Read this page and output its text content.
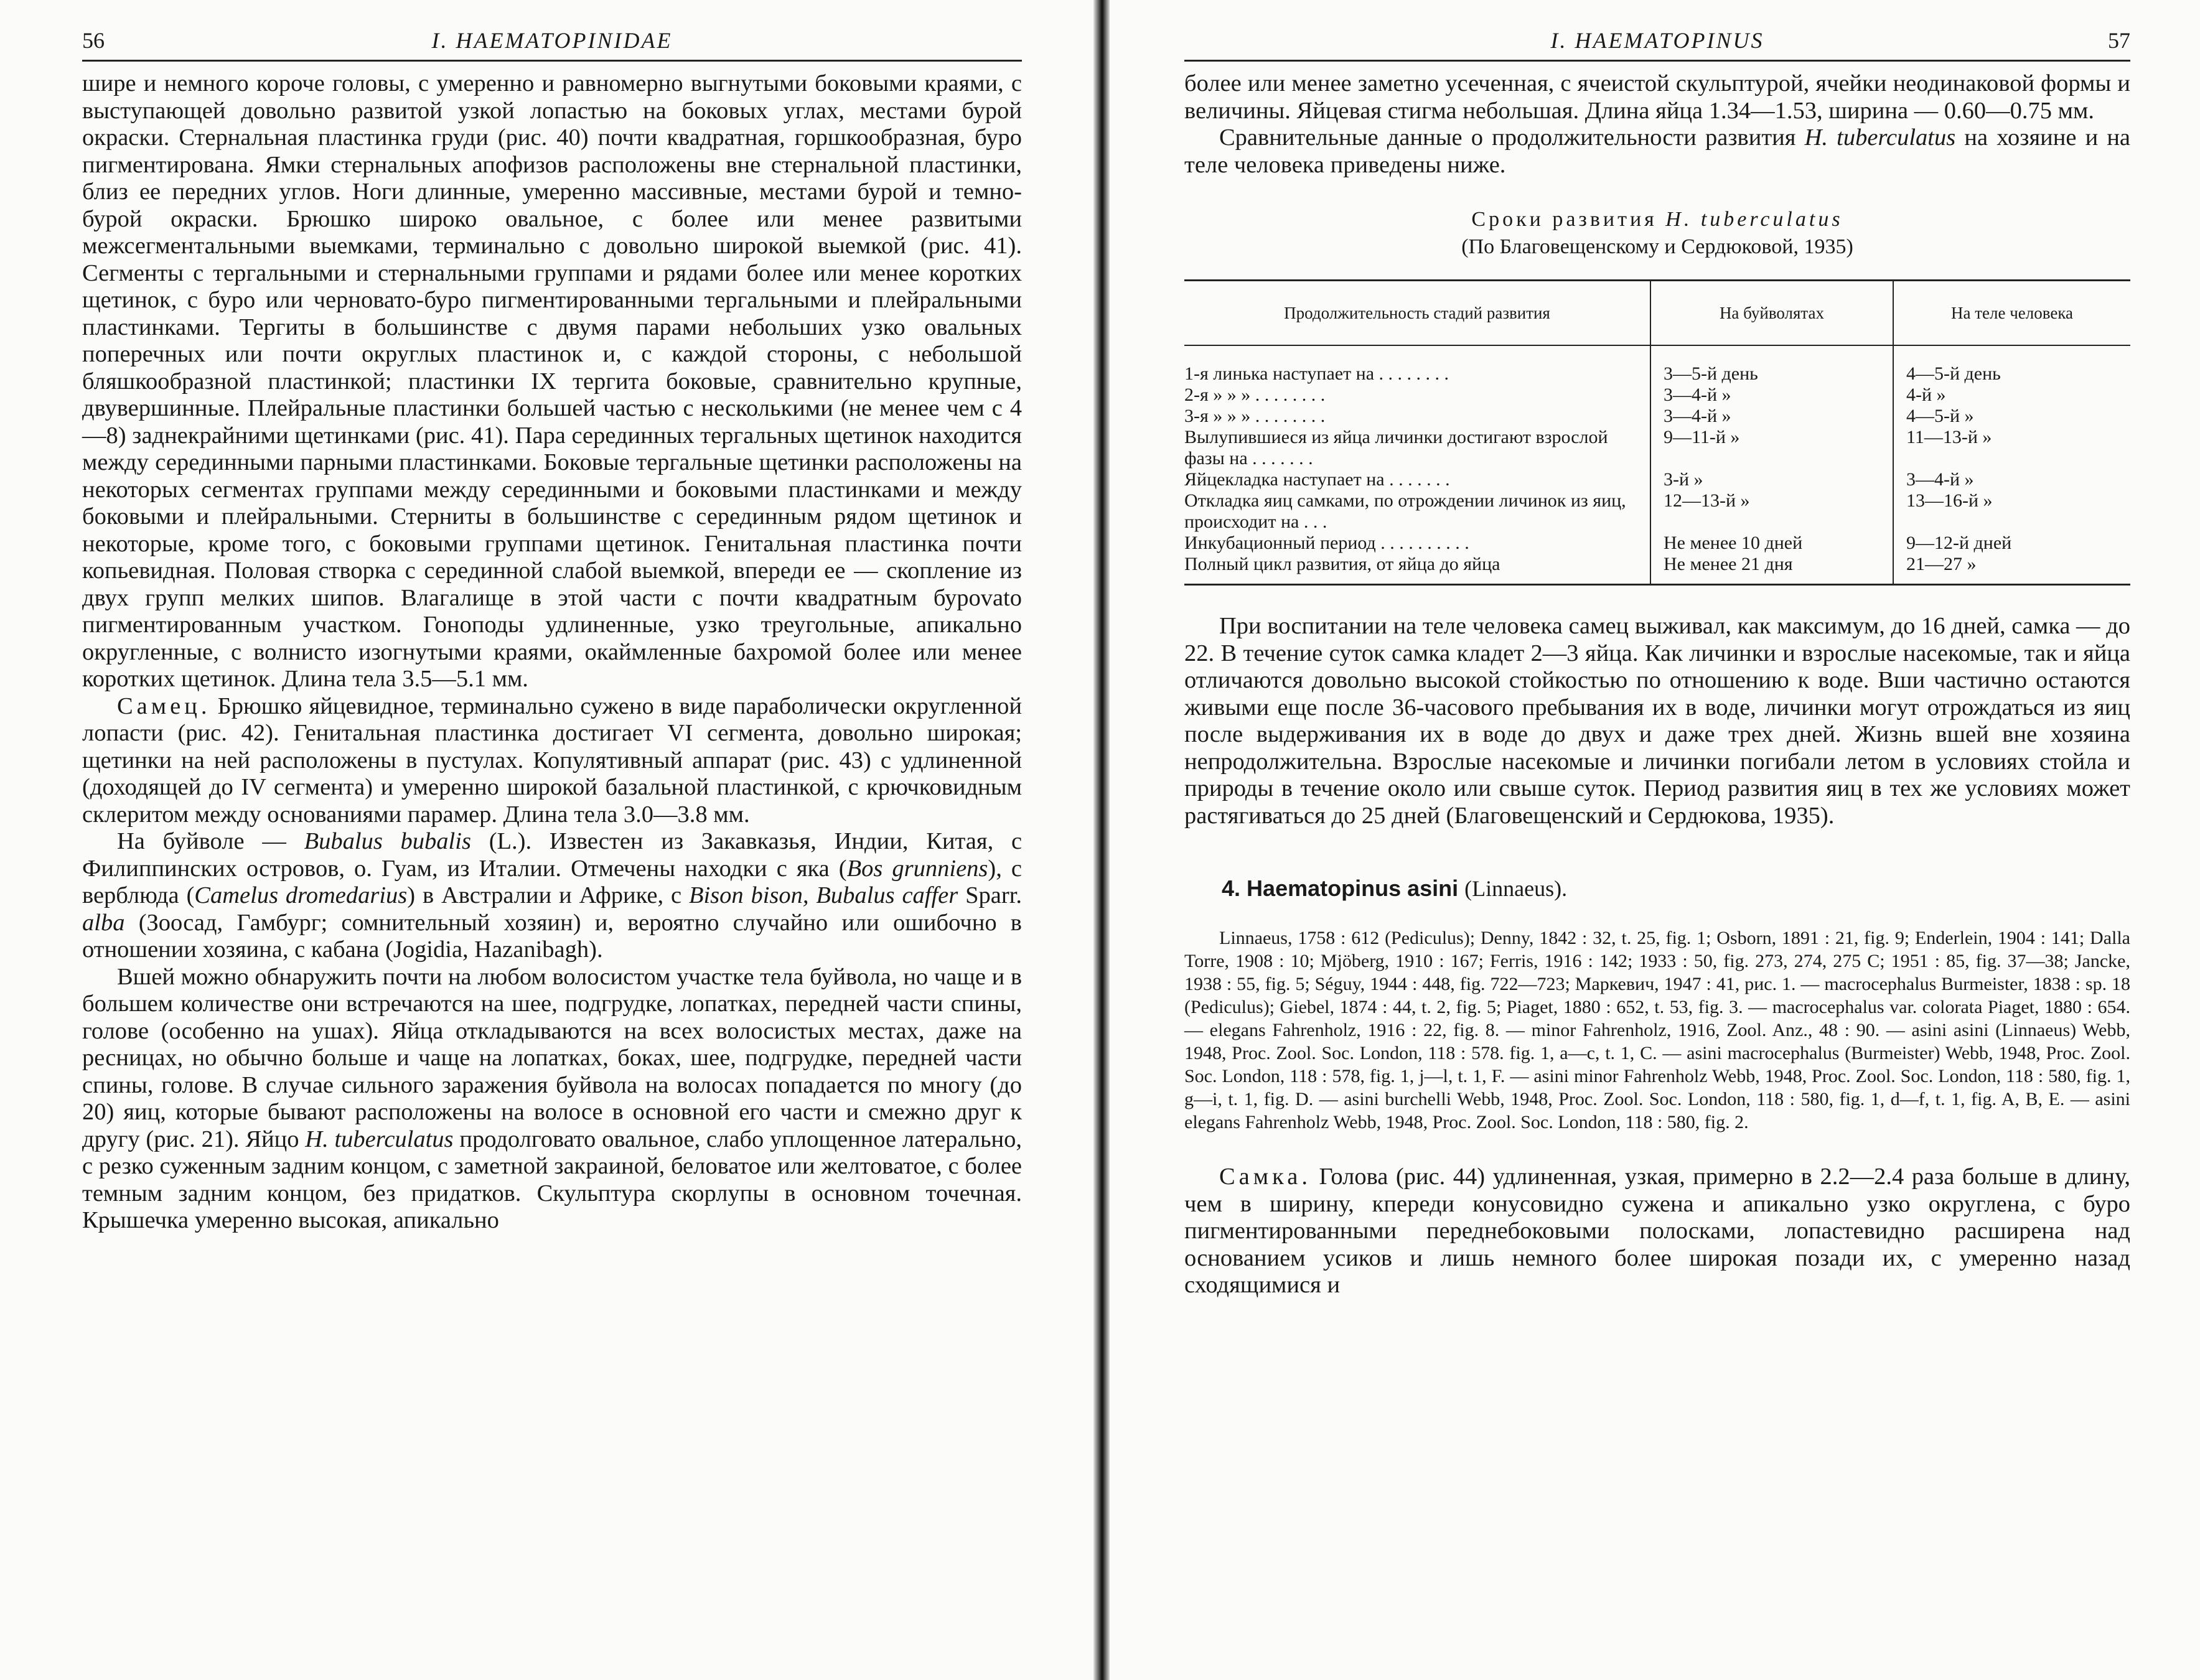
56	I. HAEMATOPINIDAE

шире и немного короче головы, с умеренно и равномерно выгнутыми боковыми краями, с выступающей довольно развитой узкой лопастью на боковых углах, местами бурой окраски. Стернальная пластинка груди (рис. 40) почти квадратная, горшкообразная, буро пигментирована. Ямки стернальных апофизов расположены вне стернальной пластинки, близ ее передних углов. Ноги длинные, умеренно массивные, местами бурой и темно-бурой окраски. Брюшко широко овальное, с более или менее развитыми межсегментальными выемками, терминально с довольно широкой выемкой (рис. 41). Сегменты с тергальными и стернальными группами и рядами более или менее коротких щетинок, с буро или черновато-буро пигментированными тергальными и плейральными пластинками. Тергиты в большинстве с двумя парами небольших узко овальных поперечных или почти округлых пластинок и, с каждой стороны, с небольшой бляшкообразной пластинкой; пластинки IX тергита боковые, сравнительно крупные, двувершинные. Плейральные пластинки большей частью с несколькими (не менее чем с 4—8) заднекрайними щетинками (рис. 41). Пара серединных тергальных щетинок находится между серединными парными пластинками. Боковые тергальные щетинки расположены на некоторых сегментах группами между серединными и боковыми пластинками и между боковыми и плейральными. Стерниты в большинстве с серединным рядом щетинок и некоторые, кроме того, с боковыми группами щетинок. Генитальная пластинка почти копьевидная. Половая створка с серединной слабой выемкой, впереди ее — скопление из двух групп мелких шипов. Влагалище в этой части с почти квадратным бурovato пигментированным участком. Гоноподы удлиненные, узко треугольные, апикально округленные, с волнисто изогнутыми краями, окаймленные бахромой более или менее коротких щетинок. Длина тела 3.5—5.1 мм.

Самец. Брюшко яйцевидное, терминально сужено в виде параболически округленной лопасти (рис. 42). Генитальная пластинка достигает VI сегмента, довольно широкая; щетинки на ней расположены в пустулах. Копулятивный аппарат (рис. 43) с удлиненной (доходящей до IV сегмента) и умеренно широкой базальной пластинкой, с крючковидным склеритом между основаниями парамер. Длина тела 3.0—3.8 мм.

На буйволе — Bubalus bubalis (L.). Известен из Закавказья, Индии, Китая, с Филиппинских островов, о. Гуам, из Италии. Отмечены находки с яка (Bos grunniens), с верблюда (Camelus dromedarius) в Австралии и Африке, с Bison bison, Bubalus caffer Sparr. alba (Зоосад, Гамбург; сомнительный хозяин) и, вероятно случайно или ошибочно в отношении хозяина, с кабана (Jogidia, Hazanibagh).

Вшей можно обнаружить почти на любом волосистом участке тела буйвола, но чаще и в большем количестве они встречаются на шее, подгрудке, лопатках, передней части спины, голове (особенно на ушах). Яйца откладываются на всех волосистых местах, даже на ресницах, но обычно больше и чаще на лопатках, боках, шее, подгрудке, передней части спины, голове. В случае сильного заражения буйвола на волосах попадается по многу (до 20) яиц, которые бывают расположены на волосе в основной его части и смежно друг к другу (рис. 21). Яйцо H. tuberculatus продолговато овальное, слабо уплощенное латерально, с резко суженным задним концом, с заметной закраиной, беловатое или желтоватое, с более темным задним концом, без придатков. Скульптура скорлупы в основном точечная. Крышечка умеренно высокая, апикально

I. HAEMATOPINUS	57

более или менее заметно усеченная, с ячеистой скульптурой, ячейки неодинаковой формы и величины. Яйцевая стигма небольшая. Длина яйца 1.34—1.53, ширина — 0.60—0.75 мм.

Сравнительные данные о продолжительности развития H. tuberculatus на хозяине и на теле человека приведены ниже.

Сроки развития H. tuberculatus
(По Благовещенскому и Сердюковой, 1935)
Продолжительность стадий развития	На буйволятах	На теле человека
1-я линька наступает на . . . . . . . .	3—5-й день	4—5-й день
2-я » » » . . . . . . . .	3—4-й »	4-й »
3-я » » » . . . . . . . .	3—4-й »	4—5-й »
Вылупившиеся из яйца личинки достигают взрослой фазы на . . . . . . .	9—11-й »	11—13-й »
Яйцекладка наступает на . . . . . . .	3-й »	3—4-й »
Откладка яиц самками, по отрождении личинок из яиц, происходит на . . .	12—13-й »	13—16-й »
Инкубационный период . . . . . . . . . .	Не менее 10 дней	9—12-й дней
Полный цикл развития, от яйца до яйца	Не менее 21 дня	21—27 »

При воспитании на теле человека самец выживал, как максимум, до 16 дней, самка — до 22. В течение суток самка кладет 2—3 яйца. Как личинки и взрослые насекомые, так и яйца отличаются довольно высокой стойкостью по отношению к воде. Вши частично остаются живыми еще после 36-часового пребывания их в воде, личинки могут отрождаться из яиц после выдерживания их в воде до двух и даже трех дней. Жизнь вшей вне хозяина непродолжительна. Взрослые насекомые и личинки погибали летом в условиях стойла и природы в течение около или свыше суток. Период развития яиц в тех же условиях может растягиваться до 25 дней (Благовещенский и Сердюкова, 1935).

4. Haematopinus asini (Linnaeus).

Linnaeus, 1758 : 612 (Pediculus); Denny, 1842 : 32, t. 25, fig. 1; Osborn, 1891 : 21, fig. 9; Enderlein, 1904 : 141; Dalla Torre, 1908 : 10; Mjöberg, 1910 : 167; Ferris, 1916 : 142; 1933 : 50, fig. 273, 274, 275 C; 1951 : 85, fig. 37—38; Jancke, 1938 : 55, fig. 5; Séguy, 1944 : 448, fig. 722—723; Маркевич, 1947 : 41, рис. 1. — macrocephalus Burmeister, 1838 : sp. 18 (Pediculus); Giebel, 1874 : 44, t. 2, fig. 5; Piaget, 1880 : 652, t. 53, fig. 3. — macrocephalus var. colorata Piaget, 1880 : 654. — elegans Fahrenholz, 1916 : 22, fig. 8. — minor Fahrenholz, 1916, Zool. Anz., 48 : 90. — asini asini (Linnaeus) Webb, 1948, Proc. Zool. Soc. London, 118 : 578. fig. 1, a—c, t. 1, C. — asini macrocephalus (Burmeister) Webb, 1948, Proc. Zool. Soc. London, 118 : 578, fig. 1, j—l, t. 1, F. — asini minor Fahrenholz Webb, 1948, Proc. Zool. Soc. London, 118 : 580, fig. 1, g—i, t. 1, fig. D. — asini burchelli Webb, 1948, Proc. Zool. Soc. London, 118 : 580, fig. 1, d—f, t. 1, fig. A, B, E. — asini elegans Fahrenholz Webb, 1948, Proc. Zool. Soc. London, 118 : 580, fig. 2.

Самка. Голова (рис. 44) удлиненная, узкая, примерно в 2.2—2.4 раза больше в длину, чем в ширину, кпереди конусовидно сужена и апикально узко округлена, с буро пигментированными переднебоковыми полосками, лопастевидно расширена над основанием усиков и лишь немного более широкая позади их, с умеренно назад сходящимися и
